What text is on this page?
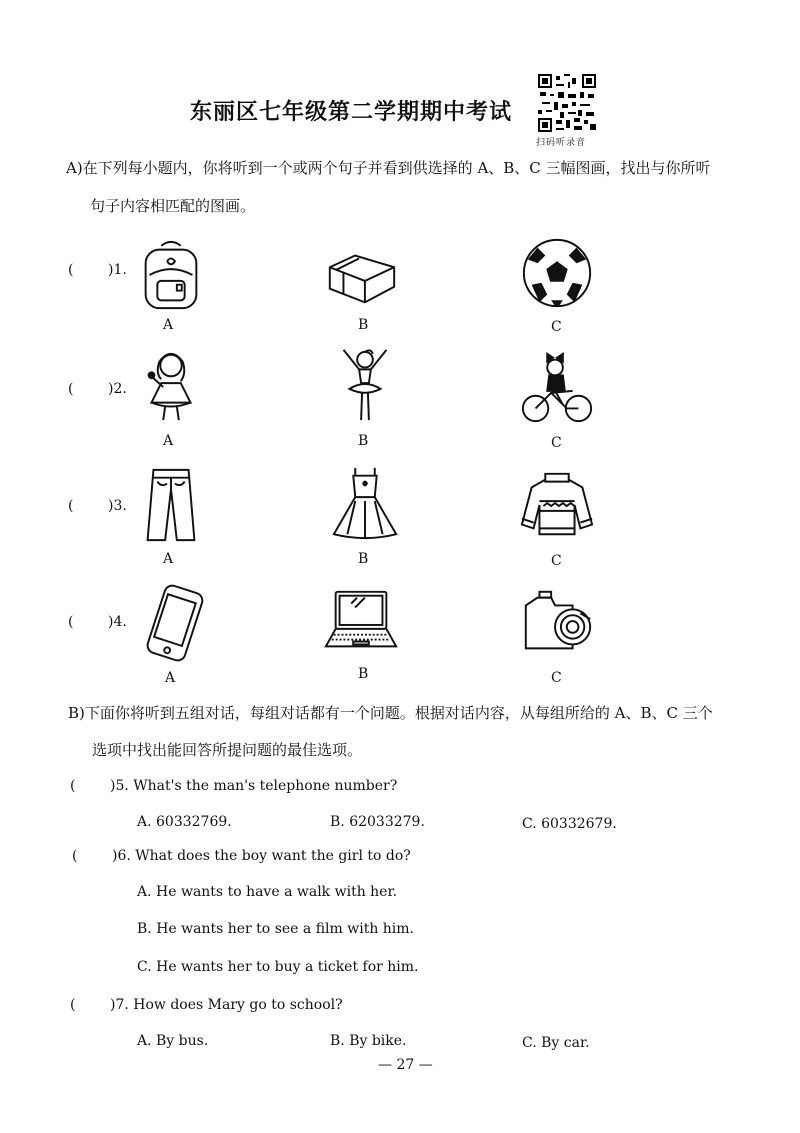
东丽区七年级第二学期期中考试
扫码听录音
A)在下列每小题内，你将听到一个或两个句子并看到供选择的 A、B、C 三幅图画，找出与你所听
句子内容相匹配的图画。
( )1.
A	B	C
( )2.
A	B	C
( )3.
A	B	C
( )4.
A	B	C
B)下面你将听到五组对话，每组对话都有一个问题。根据对话内容，从每组所给的 A、B、C 三个
选项中找出能回答所提问题的最佳选项。
( )5. What's the man's telephone number?
A. 60332769.	B. 62033279.	C. 60332679.
( )6. What does the boy want the girl to do?
A. He wants to have a walk with her.
B. He wants her to see a film with him.
C. He wants her to buy a ticket for him.
( )7. How does Mary go to school?
A. By bus.	B. By bike.	C. By car.
— 27 —
